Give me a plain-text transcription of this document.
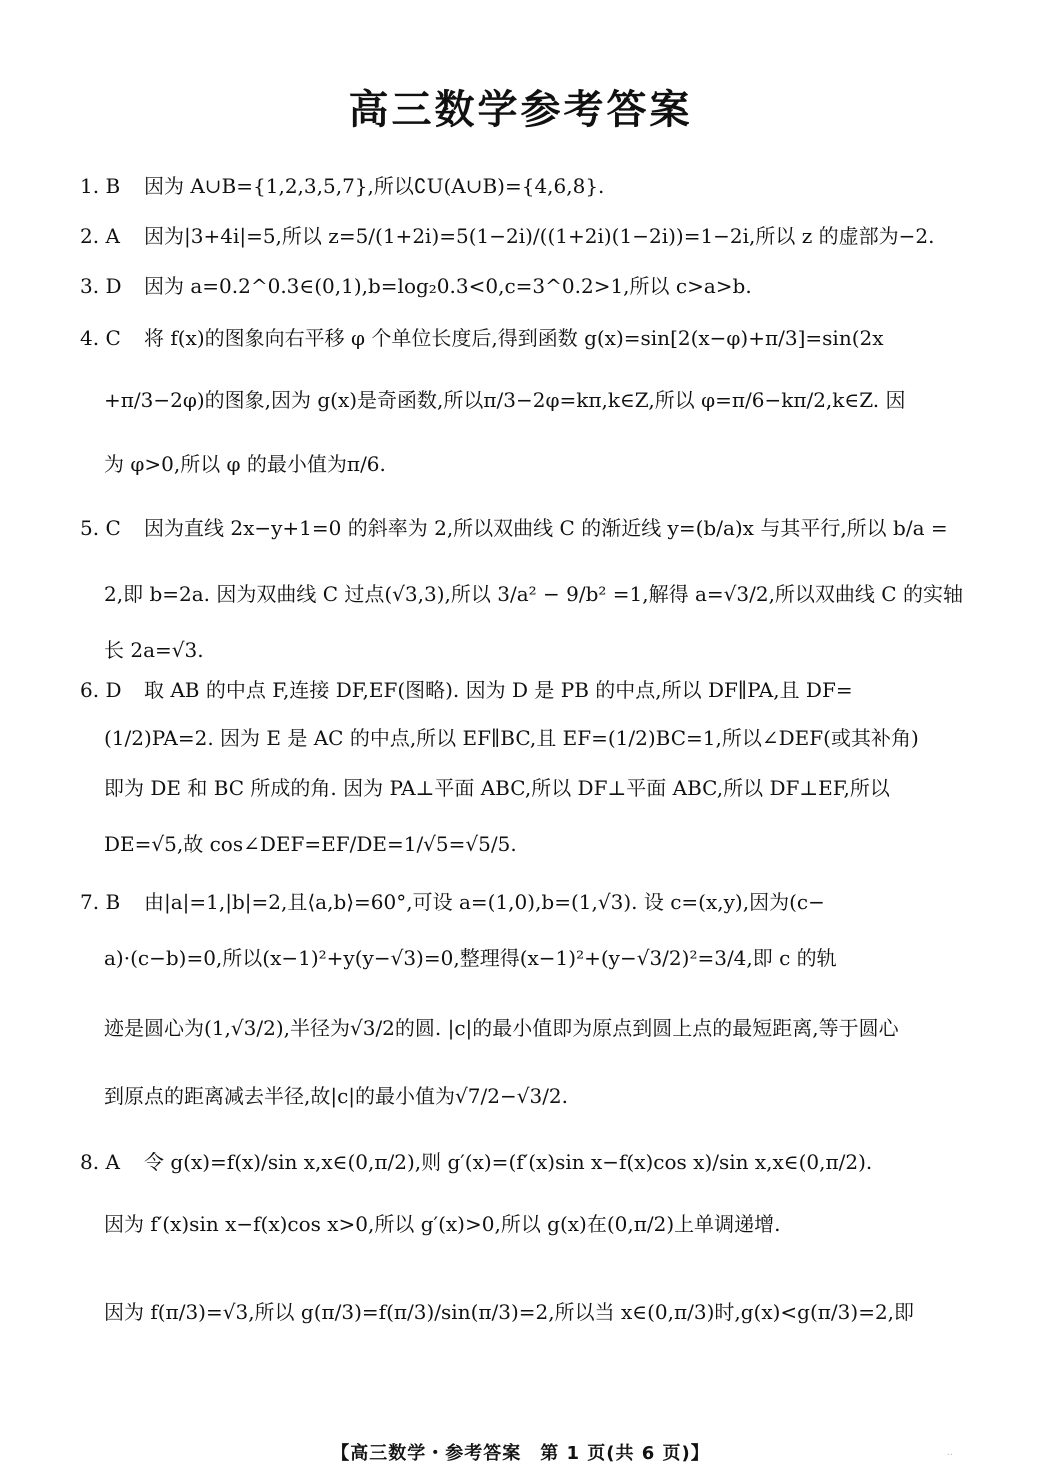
高三数学参考答案
1. B 因为 A∪B={1,2,3,5,7},所以∁U(A∪B)={4,6,8}.
2. A 因为|3+4i|=5,所以 z=5/(1+2i)=5(1−2i)/((1+2i)(1−2i))=1−2i,所以 z 的虚部为−2.
3. D 因为 a=0.2^0.3∈(0,1),b=log₂0.3<0,c=3^0.2>1,所以 c>a>b.
4. C 将 f(x)的图象向右平移 φ 个单位长度后,得到函数 g(x)=sin[2(x−φ)+π/3]=sin(2x
+π/3−2φ)的图象,因为 g(x)是奇函数,所以π/3−2φ=kπ,k∈Z,所以 φ=π/6−kπ/2,k∈Z. 因
为 φ>0,所以 φ 的最小值为π/6.
5. C 因为直线 2x−y+1=0 的斜率为 2,所以双曲线 C 的渐近线 y=(b/a)x 与其平行,所以 b/a =
2,即 b=2a. 因为双曲线 C 过点(√3,3),所以 3/a² − 9/b² =1,解得 a=√3/2,所以双曲线 C 的实轴
长 2a=√3.
6. D 取 AB 的中点 F,连接 DF,EF(图略). 因为 D 是 PB 的中点,所以 DF∥PA,且 DF=
(1/2)PA=2. 因为 E 是 AC 的中点,所以 EF∥BC,且 EF=(1/2)BC=1,所以∠DEF(或其补角)
即为 DE 和 BC 所成的角. 因为 PA⊥平面 ABC,所以 DF⊥平面 ABC,所以 DF⊥EF,所以
DE=√5,故 cos∠DEF=EF/DE=1/√5=√5/5.
7. B 由|a|=1,|b|=2,且⟨a,b⟩=60°,可设 a=(1,0),b=(1,√3). 设 c=(x,y),因为(c−
a)·(c−b)=0,所以(x−1)²+y(y−√3)=0,整理得(x−1)²+(y−√3/2)²=3/4,即 c 的轨
迹是圆心为(1,√3/2),半径为√3/2的圆. |c|的最小值即为原点到圆上点的最短距离,等于圆心
到原点的距离减去半径,故|c|的最小值为√7/2−√3/2.
8. A 令 g(x)=f(x)/sin x,x∈(0,π/2),则 g′(x)=(f′(x)sin x−f(x)cos x)/sin x,x∈(0,π/2).
因为 f′(x)sin x−f(x)cos x>0,所以 g′(x)>0,所以 g(x)在(0,π/2)上单调递增.
因为 f(π/3)=√3,所以 g(π/3)=f(π/3)/sin(π/3)=2,所以当 x∈(0,π/3)时,g(x)<g(π/3)=2,即
【高三数学・参考答案　第 1 页(共 6 页)】	··
